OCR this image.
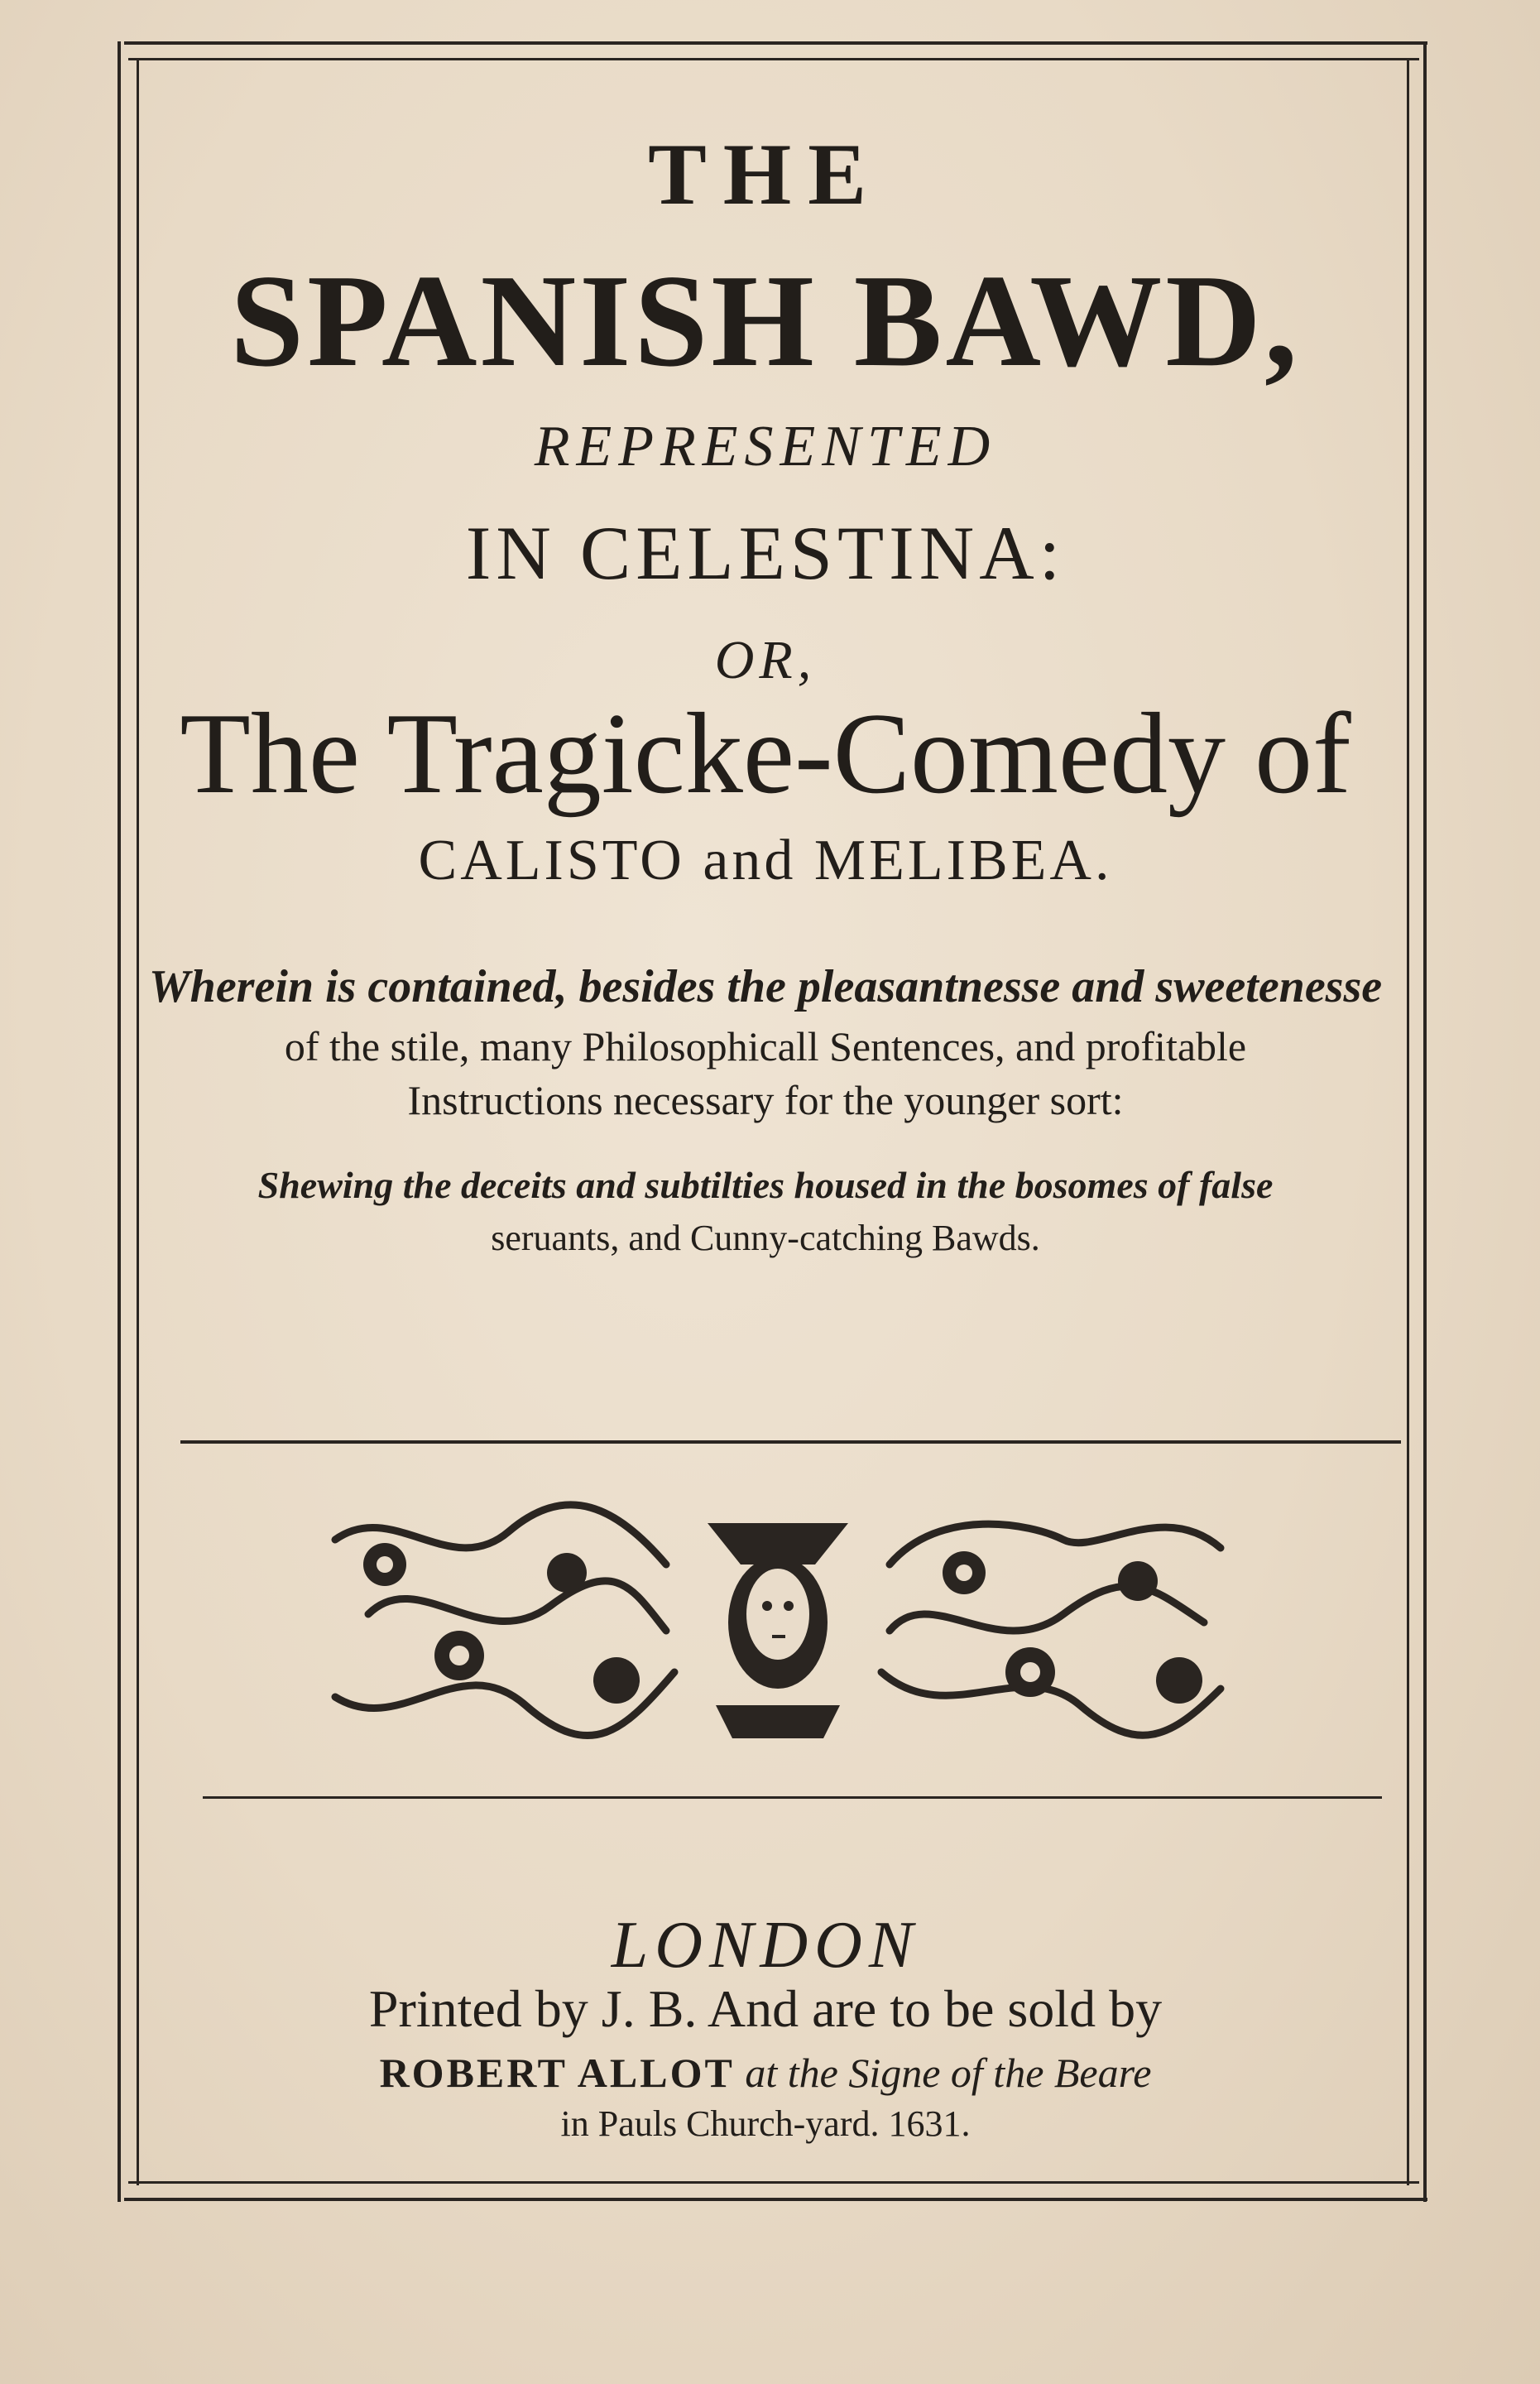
THE
SPANISH BAWD,
REPRESENTED
IN CELESTINA:
OR,
The Tragicke-Comedy of
CALISTO and MELIBEA.
Wherein is contained, besides the pleasantnesse and sweetenesse
of the stile, many Philosophicall Sentences, and profitable
Instructions necessary for the younger sort:
Shewing the deceits and subtilties housed in the bosomes of false
seruants, and Cunny-catching Bawds.
LONDON
Printed by J. B. And are to be sold by
ROBERT ALLOT at the Signe of the Beare
in Pauls Church-yard. 1631.
